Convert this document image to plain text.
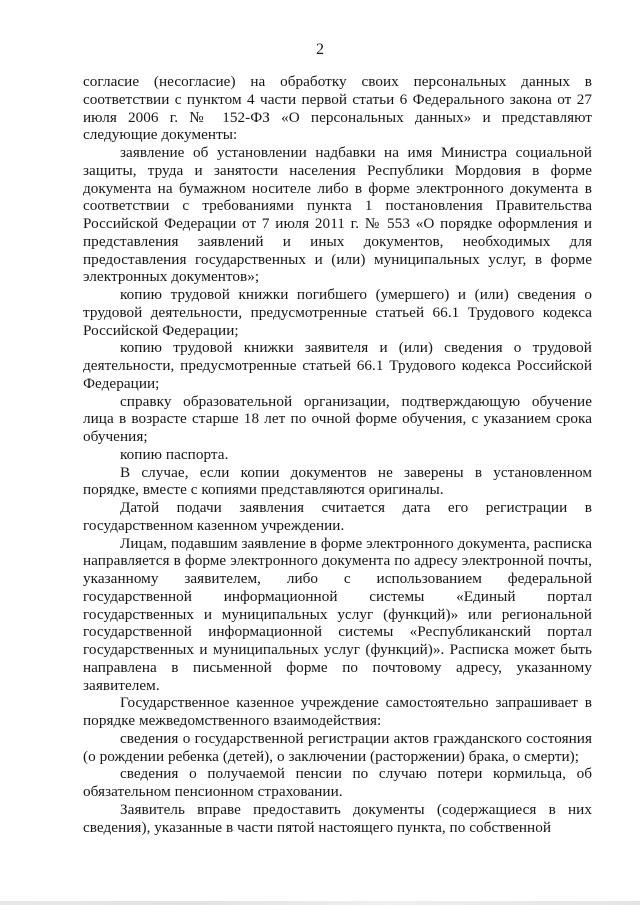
2

согласие (несогласие) на обработку своих персональных данных в соответствии с пунктом 4 части первой статьи 6 Федерального закона от 27 июля 2006 г. № 152-ФЗ «О персональных данных» и представляют следующие документы:

заявление об установлении надбавки на имя Министра социальной защиты, труда и занятости населения Республики Мордовия в форме документа на бумажном носителе либо в форме электронного документа в соответствии с требованиями пункта 1 постановления Правительства Российской Федерации от 7 июля 2011 г. № 553 «О порядке оформления и представления заявлений и иных документов, необходимых для предоставления государственных и (или) муниципальных услуг, в форме электронных документов»;

копию трудовой книжки погибшего (умершего) и (или) сведения о трудовой деятельности, предусмотренные статьей 66.1 Трудового кодекса Российской Федерации;

копию трудовой книжки заявителя и (или) сведения о трудовой деятельности, предусмотренные статьей 66.1 Трудового кодекса Российской Федерации;

справку образовательной организации, подтверждающую обучение лица в возрасте старше 18 лет по очной форме обучения, с указанием срока обучения;

копию паспорта.

В случае, если копии документов не заверены в установленном порядке, вместе с копиями представляются оригиналы.

Датой подачи заявления считается дата его регистрации в государственном казенном учреждении.

Лицам, подавшим заявление в форме электронного документа, расписка направляется в форме электронного документа по адресу электронной почты, указанному заявителем, либо с использованием федеральной государственной информационной системы «Единый портал государственных и муниципальных услуг (функций)» или региональной государственной информационной системы «Республиканский портал государственных и муниципальных услуг (функций)». Расписка может быть направлена в письменной форме по почтовому адресу, указанному заявителем.

Государственное казенное учреждение самостоятельно запрашивает в порядке межведомственного взаимодействия:

сведения о государственной регистрации актов гражданского состояния (о рождении ребенка (детей), о заключении (расторжении) брака, о смерти);

сведения о получаемой пенсии по случаю потери кормильца, об обязательном пенсионном страховании.

Заявитель вправе предоставить документы (содержащиеся в них сведения), указанные в части пятой настоящего пункта, по собственной
